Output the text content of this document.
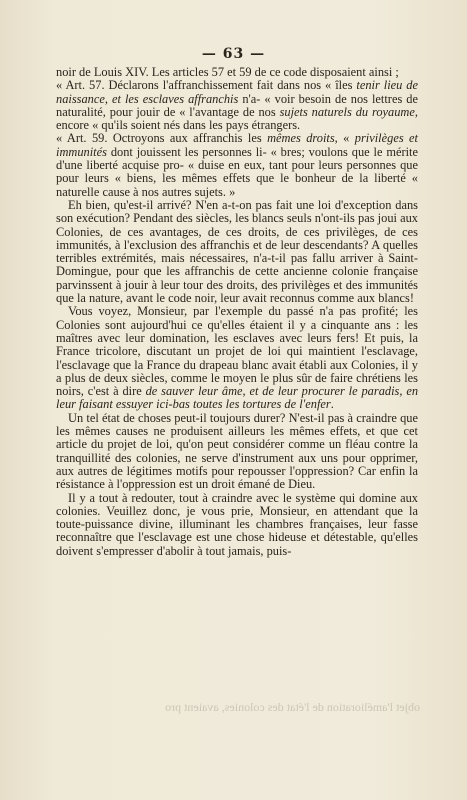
— 63 —

noir de Louis XIV. Les articles 57 et 59 de ce code disposaient ainsi ;

« Art. 57. Déclarons l'affranchissement fait dans nos « îles tenir lieu de naissance, et les esclaves affranchis n'a- « voir besoin de nos lettres de naturalité, pour jouir de « l'avantage de nos sujets naturels du royaume, encore « qu'ils soient nés dans les pays étrangers.

« Art. 59. Octroyons aux affranchis les mêmes droits, « privilèges et immunités dont jouissent les personnes li- « bres; voulons que le mérite d'une liberté acquise pro- « duise en eux, tant pour leurs personnes que pour leurs « biens, les mêmes effets que le bonheur de la liberté « naturelle cause à nos autres sujets. »

Eh bien, qu'est-il arrivé? N'en a-t-on pas fait une loi d'exception dans son exécution? Pendant des siècles, les blancs seuls n'ont-ils pas joui aux Colonies, de ces avantages, de ces droits, de ces privilèges, de ces immunités, à l'exclusion des affranchis et de leur descendants? A quelles terribles extrémités, mais nécessaires, n'a-t-il pas fallu arriver à Saint-Domingue, pour que les affranchis de cette ancienne colonie française parvinssent à jouir à leur tour des droits, des privilèges et des immunités que la nature, avant le code noir, leur avait reconnus comme aux blancs!

Vous voyez, Monsieur, par l'exemple du passé n'a pas profité; les Colonies sont aujourd'hui ce qu'elles étaient il y a cinquante ans : les maîtres avec leur domination, les esclaves avec leurs fers! Et puis, la France tricolore, discutant un projet de loi qui maintient l'esclavage, l'esclavage que la France du drapeau blanc avait établi aux Colonies, il y a plus de deux siècles, comme le moyen le plus sûr de faire chrétiens les noirs, c'est à dire de sauver leur âme, et de leur procurer le paradis, en leur faisant essuyer ici-bas toutes les tortures de l'enfer.

Un tel état de choses peut-il toujours durer? N'est-il pas à craindre que les mêmes causes ne produisent ailleurs les mêmes effets, et que cet article du projet de loi, qu'on peut considérer comme un fléau contre la tranquillité des colonies, ne serve d'instrument aux uns pour opprimer, aux autres de légitimes motifs pour repousser l'oppression? Car enfin la résistance à l'oppression est un droit émané de Dieu.

Il y a tout à redouter, tout à craindre avec le système qui domine aux colonies. Veuillez donc, je vous prie, Monsieur, en attendant que la toute-puissance divine, illuminant les chambres françaises, leur fasse reconnaître que l'esclavage est une chose hideuse et détestable, qu'elles doivent s'empresser d'abolir à tout jamais, puis-

objet l'amélioration de l'état des colonies, avaient pro
